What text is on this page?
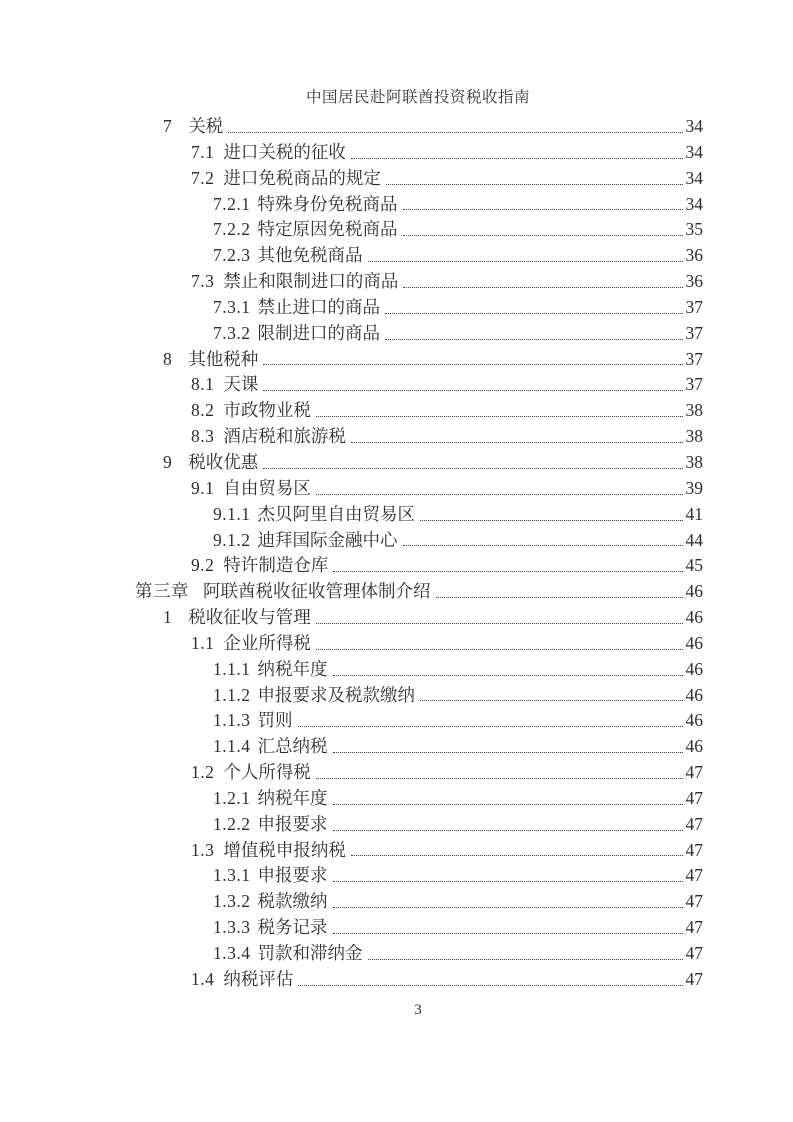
中国居民赴阿联酋投资税收指南
7 关税	34
7.1 进口关税的征收	34
7.2 进口免税商品的规定	34
7.2.1 特殊身份免税商品	34
7.2.2 特定原因免税商品	35
7.2.3 其他免税商品	36
7.3 禁止和限制进口的商品	36
7.3.1 禁止进口的商品	37
7.3.2 限制进口的商品	37
8 其他税种	37
8.1 天课	37
8.2 市政物业税	38
8.3 酒店税和旅游税	38
9 税收优惠	38
9.1 自由贸易区	39
9.1.1 杰贝阿里自由贸易区	41
9.1.2 迪拜国际金融中心	44
9.2 特许制造仓库	45
第三章 阿联酋税收征收管理体制介绍	46
1 税收征收与管理	46
1.1 企业所得税	46
1.1.1 纳税年度	46
1.1.2 申报要求及税款缴纳	46
1.1.3 罚则	46
1.1.4 汇总纳税	46
1.2 个人所得税	47
1.2.1 纳税年度	47
1.2.2 申报要求	47
1.3 增值税申报纳税	47
1.3.1 申报要求	47
1.3.2 税款缴纳	47
1.3.3 税务记录	47
1.3.4 罚款和滞纳金	47
1.4 纳税评估	47
3
